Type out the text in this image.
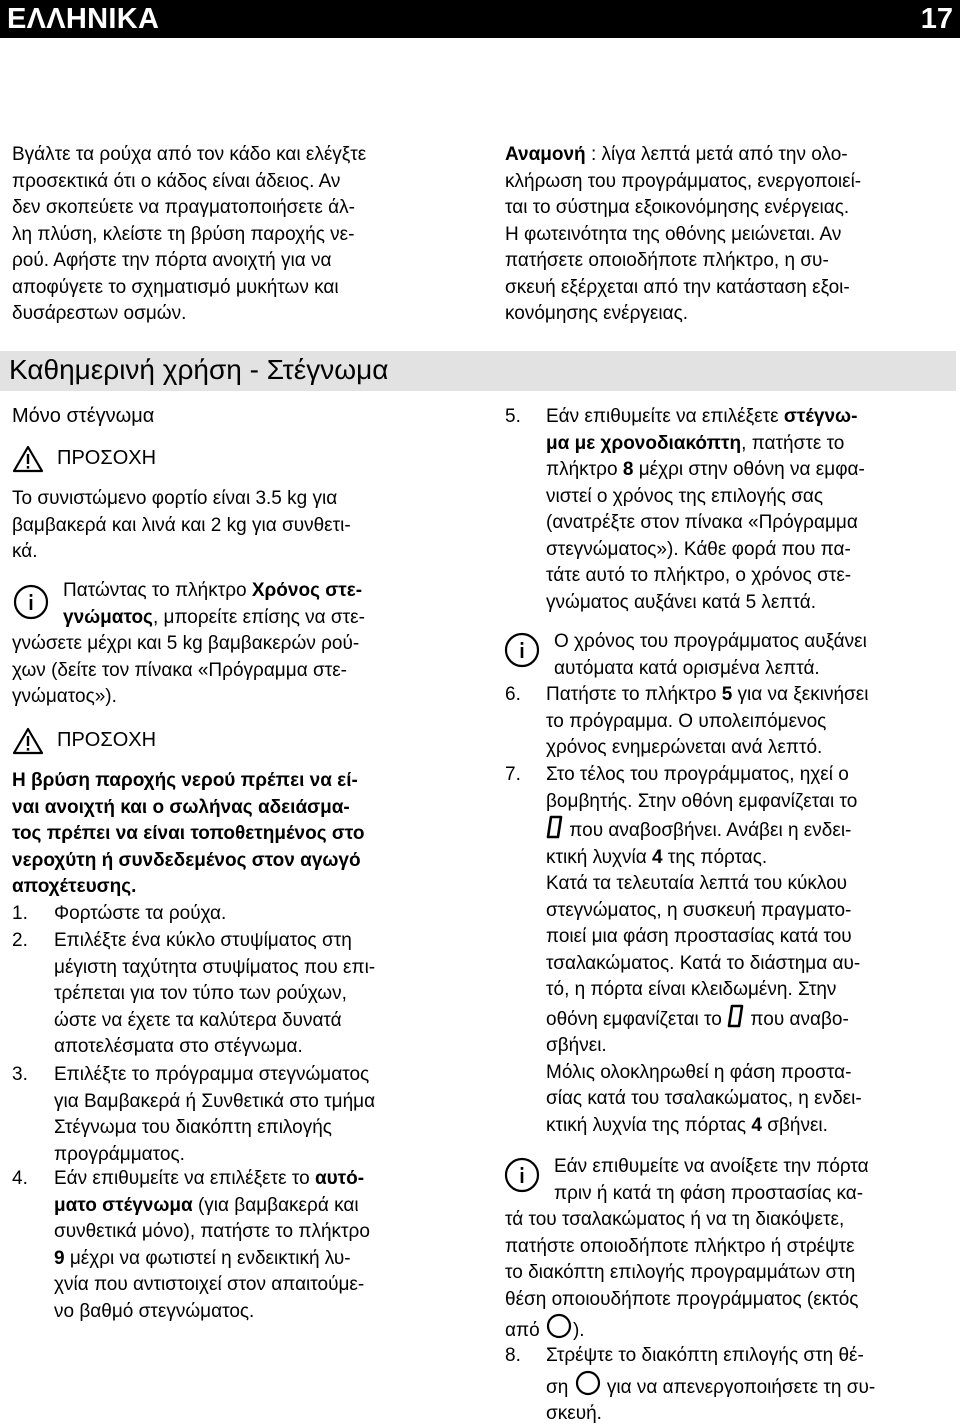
ΕΛΛΗΝΙΚΑ	17
Βγάλτε τα ρούχα από τον κάδο και ελέγξτε
προσεκτικά ότι ο κάδος είναι άδειος. Αν
δεν σκοπεύετε να πραγματοποιήσετε άλ-
λη πλύση, κλείστε τη βρύση παροχής νε-
ρού. Αφήστε την πόρτα ανοιχτή για να
αποφύγετε το σχηματισμό μυκήτων και
δυσάρεστων οσμών.
Καθημερινή χρήση - Στέγνωμα
Μόνο στέγνωμα
ΠΡΟΣΟΧΗ
Το συνιστώμενο φορτίο είναι 3.5 kg για
βαμβακερά και λινά και 2 kg για συνθετι-
κά.
Πατώντας το πλήκτρο Χρόνος στε-
γνώματος, μπορείτε επίσης να στε-
γνώσετε μέχρι και 5 kg βαμβακερών ρού-
χων (δείτε τον πίνακα «Πρόγραμμα στε-
γνώματος»).
ΠΡΟΣΟΧΗ
Η βρύση παροχής νερού πρέπει να εί-
ναι ανοιχτή και ο σωλήνας αδειάσμα-
τος πρέπει να είναι τοποθετημένος στο
νεροχύτη ή συνδεδεμένος στον αγωγό
αποχέτευσης.
1. Φορτώστε τα ρούχα.
2. Επιλέξτε ένα κύκλο στυψίματος στη
μέγιστη ταχύτητα στυψίματος που επι-
τρέπεται για τον τύπο των ρούχων,
ώστε να έχετε τα καλύτερα δυνατά
αποτελέσματα στο στέγνωμα.
3. Επιλέξτε το πρόγραμμα στεγνώματος
για Βαμβακερά ή Συνθετικά στο τμήμα
Στέγνωμα του διακόπτη επιλογής
προγράμματος.
4. Εάν επιθυμείτε να επιλέξετε το αυτό-
ματο στέγνωμα (για βαμβακερά και
συνθετικά μόνο), πατήστε το πλήκτρο
9 μέχρι να φωτιστεί η ενδεικτική λυ-
χνία που αντιστοιχεί στον απαιτούμε-
νο βαθμό στεγνώματος.
Αναμονή : λίγα λεπτά μετά από την ολο-
κλήρωση του προγράμματος, ενεργοποιεί-
ται το σύστημα εξοικονόμησης ενέργειας.
Η φωτεινότητα της οθόνης μειώνεται. Αν
πατήσετε οποιοδήποτε πλήκτρο, η συ-
σκευή εξέρχεται από την κατάσταση εξοι-
κονόμησης ενέργειας.
5. Εάν επιθυμείτε να επιλέξετε στέγνω-
μα με χρονοδιακόπτη, πατήστε το
πλήκτρο 8 μέχρι στην οθόνη να εμφα-
νιστεί ο χρόνος της επιλογής σας
(ανατρέξτε στον πίνακα «Πρόγραμμα
στεγνώματος»). Κάθε φορά που πα-
τάτε αυτό το πλήκτρο, ο χρόνος στε-
γνώματος αυξάνει κατά 5 λεπτά.
Ο χρόνος του προγράμματος αυξάνει
αυτόματα κατά ορισμένα λεπτά.
6. Πατήστε το πλήκτρο 5 για να ξεκινήσει
το πρόγραμμα. Ο υπολειπόμενος
χρόνος ενημερώνεται ανά λεπτό.
7. Στο τέλος του προγράμματος, ηχεί ο
βομβητής. Στην οθόνη εμφανίζεται το
που αναβοσβήνει. Ανάβει η ενδει-
κτική λυχνία 4 της πόρτας.
Κατά τα τελευταία λεπτά του κύκλου
στεγνώματος, η συσκευή πραγματο-
ποιεί μια φάση προστασίας κατά του
τσαλακώματος. Κατά το διάστημα αυ-
τό, η πόρτα είναι κλειδωμένη. Στην
οθόνη εμφανίζεται το  που αναβο-
σβήνει.
Μόλις ολοκληρωθεί η φάση προστα-
σίας κατά του τσαλακώματος, η ενδει-
κτική λυχνία της πόρτας 4 σβήνει.
Εάν επιθυμείτε να ανοίξετε την πόρτα
πριν ή κατά τη φάση προστασίας κα-
τά του τσαλακώματος ή να τη διακόψετε,
πατήστε οποιοδήποτε πλήκτρο ή στρέψτε
το διακόπτη επιλογής προγραμμάτων στη
θέση οποιουδήποτε προγράμματος (εκτός
από ).
8. Στρέψτε το διακόπτη επιλογής στη θέ-
ση  για να απενεργοποιήσετε τη συ-
σκευή.
